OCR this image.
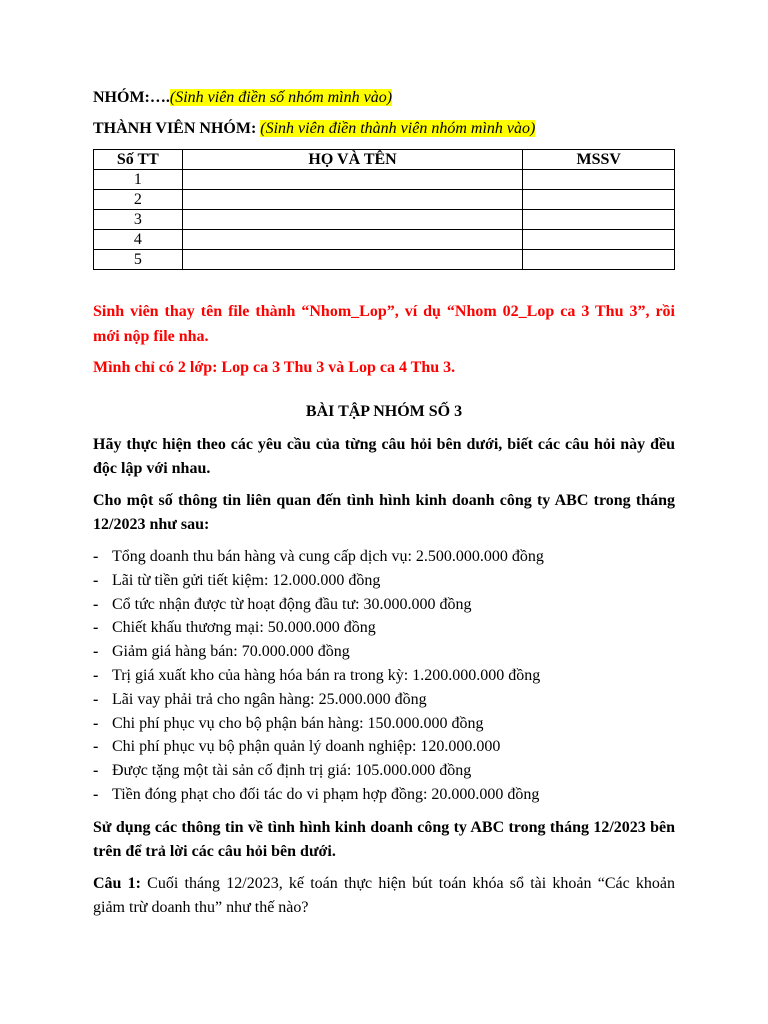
NHÓM:….(Sinh viên điền số nhóm mình vào)
THÀNH VIÊN NHÓM: (Sinh viên điền thành viên nhóm mình vào)
Số TT	HỌ VÀ TÊN	MSSV
1		
2		
3		
4		
5		
Sinh viên thay tên file thành “Nhom_Lop”, ví dụ “Nhom 02_Lop ca 3 Thu 3”, rồi mới nộp file nha.
Mình chỉ có 2 lớp: Lop ca 3 Thu 3 và Lop ca 4 Thu 3.
BÀI TẬP NHÓM SỐ 3
Hãy thực hiện theo các yêu cầu của từng câu hỏi bên dưới, biết các câu hỏi này đều độc lập với nhau.
Cho một số thông tin liên quan đến tình hình kinh doanh công ty ABC trong tháng 12/2023 như sau:
- Tổng doanh thu bán hàng và cung cấp dịch vụ: 2.500.000.000 đồng
- Lãi từ tiền gửi tiết kiệm: 12.000.000 đồng
- Cổ tức nhận được từ hoạt động đầu tư: 30.000.000 đồng
- Chiết khấu thương mại: 50.000.000 đồng
- Giảm giá hàng bán: 70.000.000 đồng
- Trị giá xuất kho của hàng hóa bán ra trong kỳ: 1.200.000.000 đồng
- Lãi vay phải trả cho ngân hàng: 25.000.000 đồng
- Chi phí phục vụ cho bộ phận bán hàng: 150.000.000 đồng
- Chi phí phục vụ bộ phận quản lý doanh nghiệp: 120.000.000
- Được tặng một tài sản cố định trị giá: 105.000.000 đồng
- Tiền đóng phạt cho đối tác do vi phạm hợp đồng: 20.000.000 đồng
Sử dụng các thông tin về tình hình kinh doanh công ty ABC trong tháng 12/2023 bên trên để trả lời các câu hỏi bên dưới.
Câu 1: Cuối tháng 12/2023, kế toán thực hiện bút toán khóa sổ tài khoản “Các khoản giảm trừ doanh thu” như thế nào?
